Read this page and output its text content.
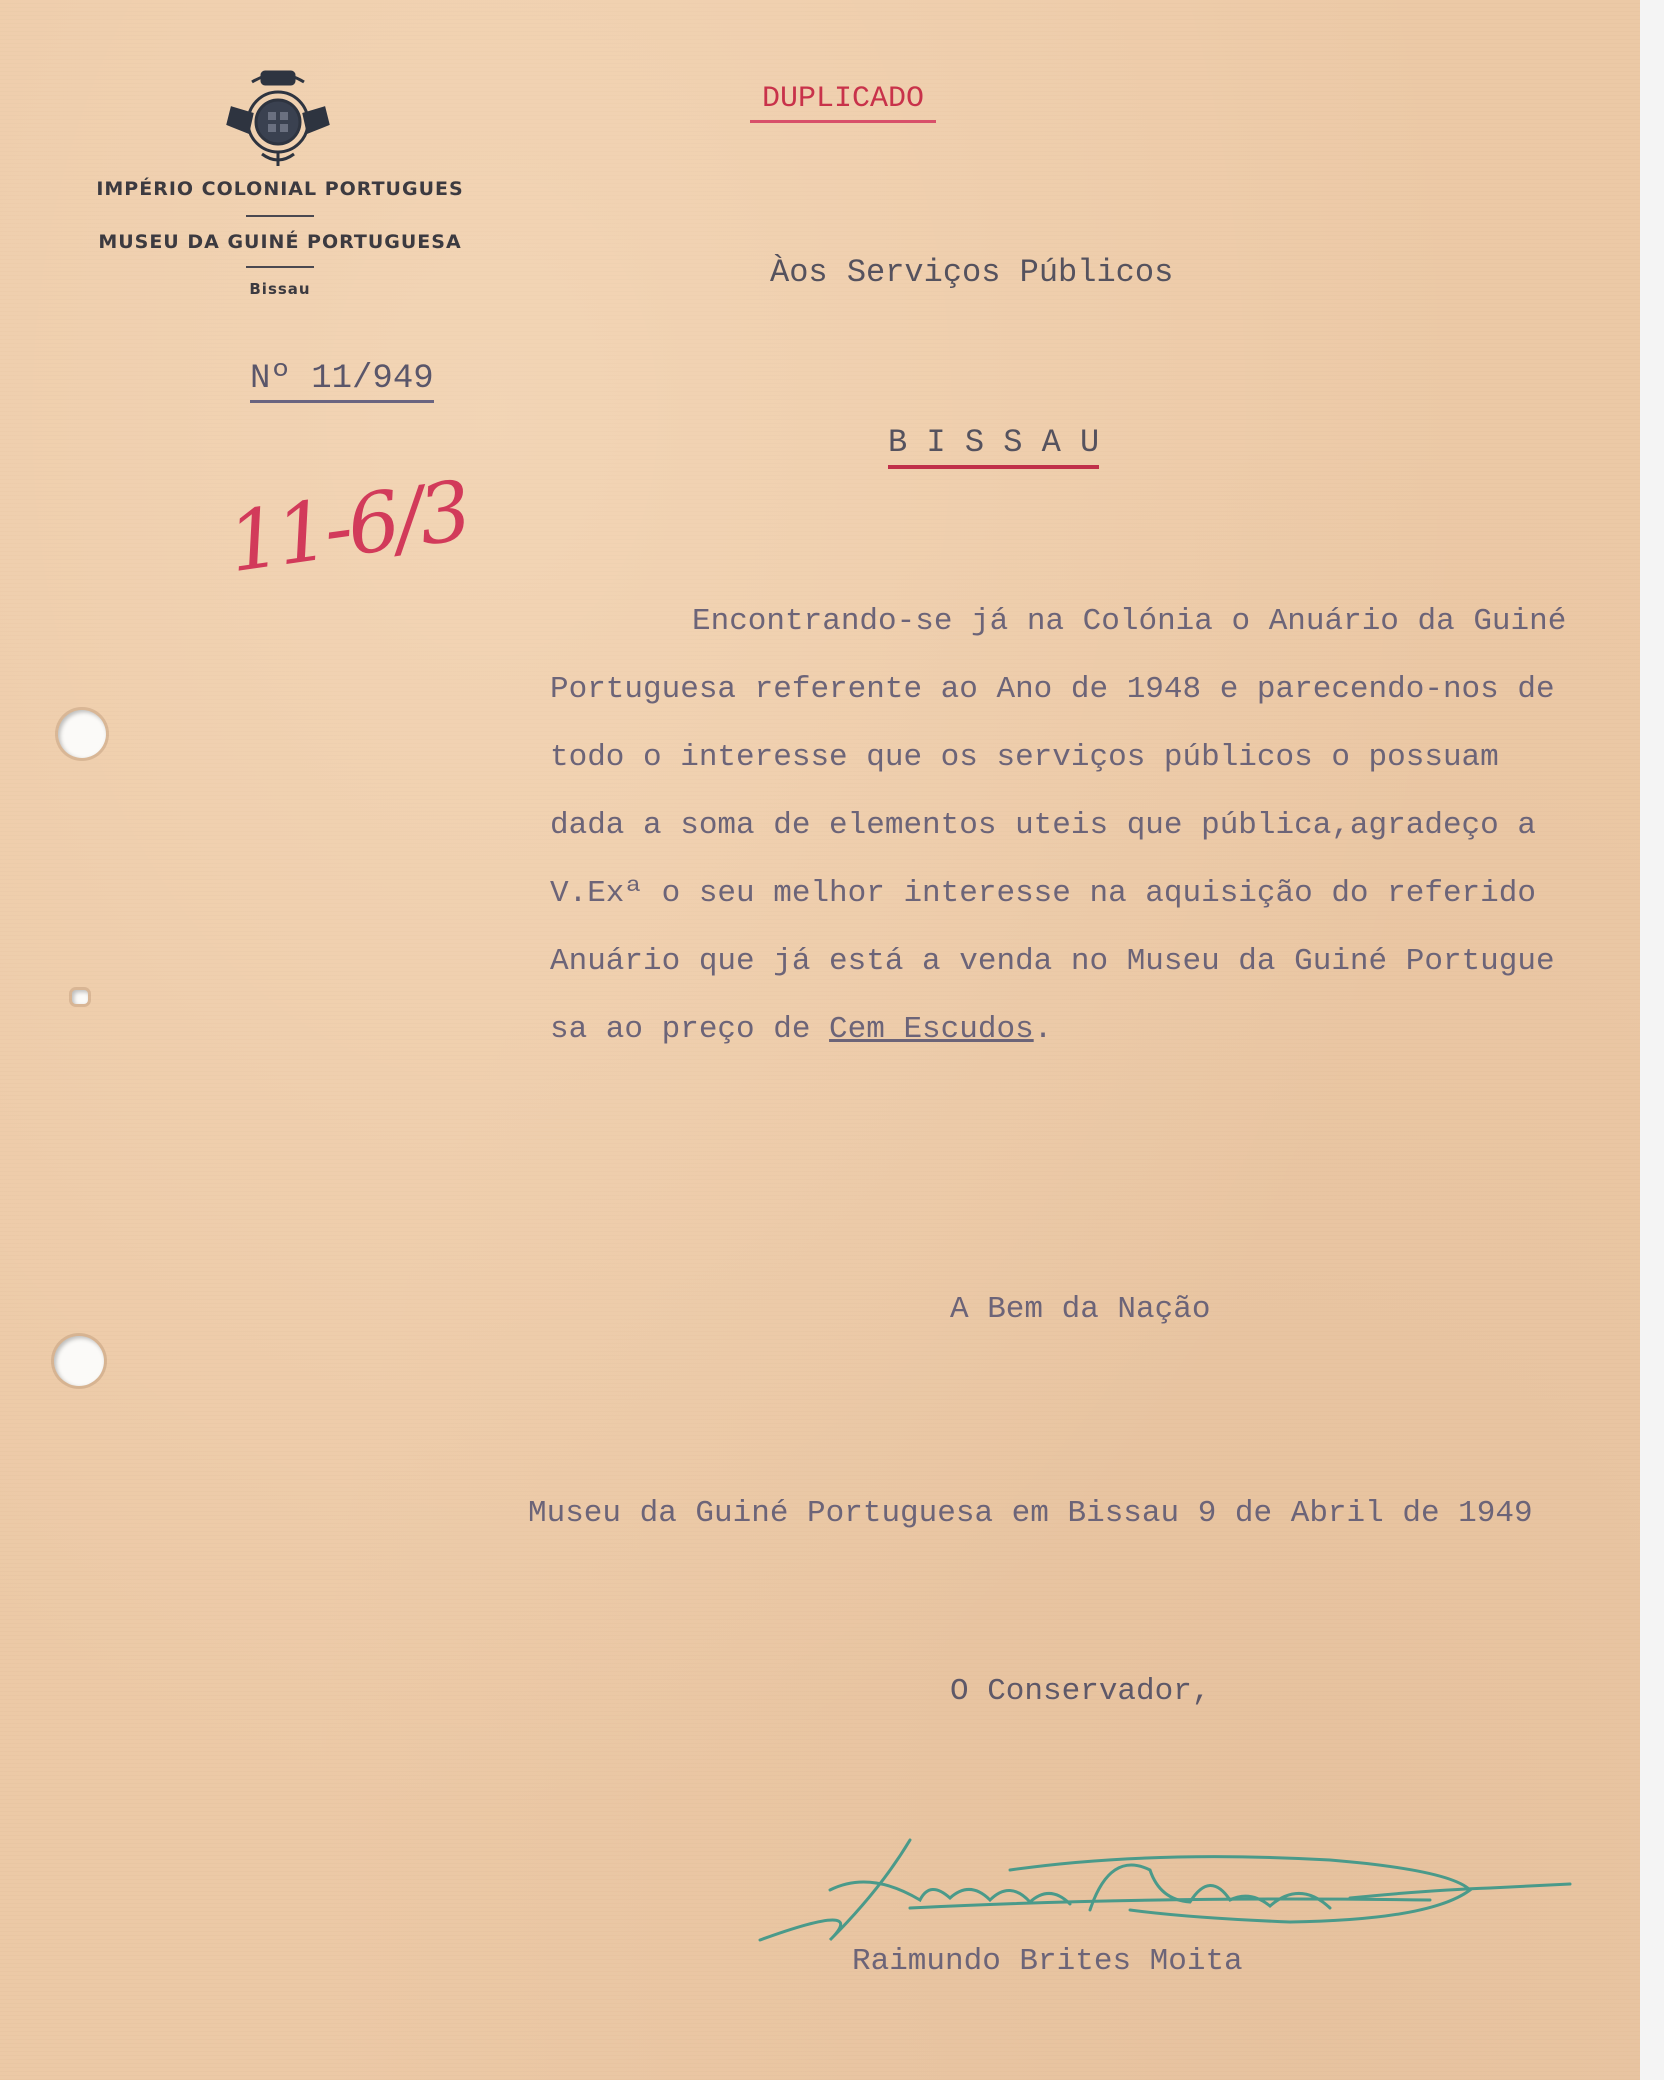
IMPÉRIO COLONIAL PORTUGUES
MUSEU DA GUINÉ PORTUGUESA
Bissau
Nº 11/949
11-6/3
DUPLICADO
Àos Serviços Públicos
B I S S A U
Encontrando-se já na Colónia o Anuário da Guiné
Portuguesa referente ao Ano de 1948 e parecendo-nos de
todo o interesse que os serviços públicos o possuam
dada a soma de elementos uteis que pública,agradeço a
V.Exª o seu melhor interesse na aquisição do referido
Anuário que já está a venda no Museu da Guiné Portugue
sa ao preço de Cem Escudos.
A Bem da Nação
Museu da Guiné Portuguesa em Bissau 9 de Abril de 1949
O Conservador,
Raimundo Brites Moita
